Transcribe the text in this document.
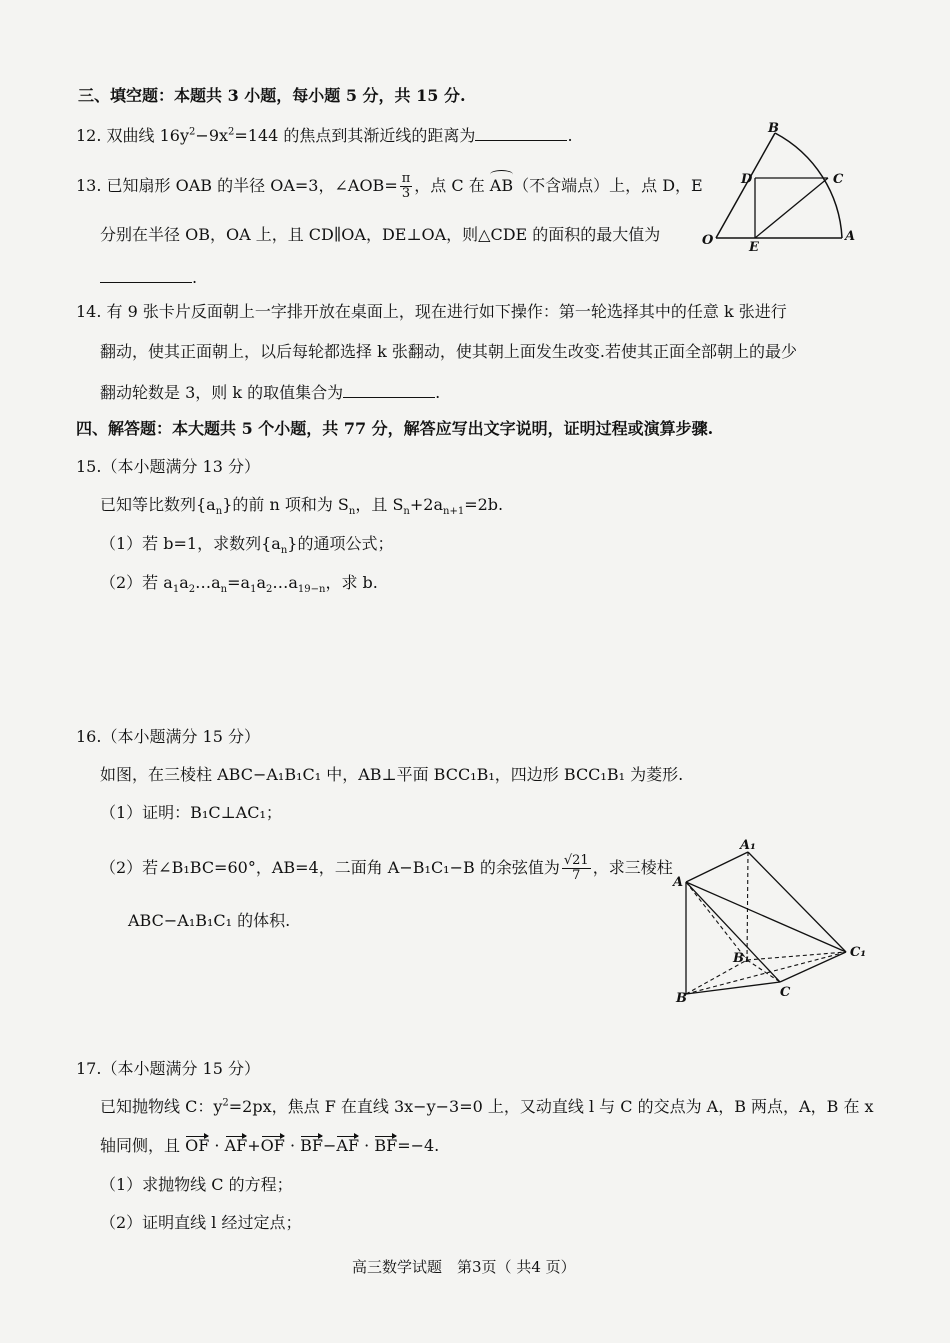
三、填空题：本题共 3 小题，每小题 5 分，共 15 分.
12. 双曲线 $16y^2-9x^2=144$ 的焦点到其渐近线的距离为	.
13. 已知扇形 OAB 的半径 OA=3，∠AOB= $\frac{\pi}{3}$ ，点 C 在 AB（不含端点）上，点 D，E
分别在半径 OB，OA 上，且 CD∥OA，DE⊥OA，则△CDE 的面积的最大值为
.
B
D	C
O	E
A
14. 有 9 张卡片反面朝上一字排开放在桌面上，现在进行如下操作：第一轮选择其中的任意 k 张进行
翻动，使其正面朝上，以后每轮都选择 k 张翻动，使其朝上面发生改变.若使其正面全部朝上的最少
翻动轮数是 3，则 k 的取值集合为	.
四、解答题：本大题共 5 个小题，共 77 分，解答应写出文字说明，证明过程或演算步骤.
15.（本小题满分 13 分）
已知等比数列$\{a_n\}$的前 n 项和为 $S_n$，且 $S_n+2a_{n+1}=2b$.
（1）若 b=1，求数列$\{a_n\}$的通项公式；
（2）若 $a_1a_2\dots a_n=a_1a_2\dots a_{19-n}$，求 b.
16.（本小题满分 15 分）
如图，在三棱柱 ABC−A₁B₁C₁ 中，AB⊥平面 BCC₁B₁，四边形 BCC₁B₁ 为菱形.
（1）证明：B₁C⊥AC₁；
（2）若∠B₁BC=60°，AB=4，二面角 A−B₁C₁−B 的余弦值为 $\frac{√21}{7}$ ，求三棱柱
ABC−A₁B₁C₁ 的体积.
A₁
A
B₁	C₁
C
B
17.（本小题满分 15 分）
已知抛物线 C：$y^2=2px$，焦点 F 在直线 3x−y−3=0 上，又动直线 l 与 C 的交点为 A，B 两点，A，B 在 x
轴同侧，且 OF · AF+OF · BF−AF · BF=−4.
（1）求抛物线 C 的方程；
（2）证明直线 l 经过定点；
高三数学试题　第3页（ 共4 页）
